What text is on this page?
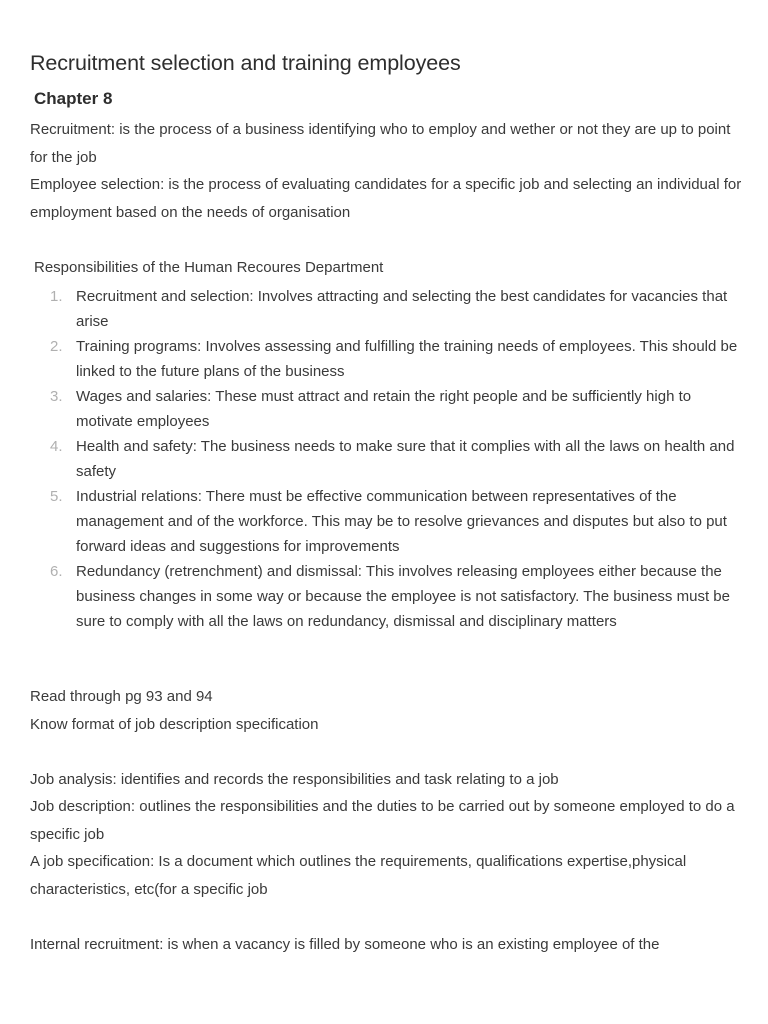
Recruitment selection and training employees
Chapter 8

Recruitment: is the process of a business identifying who to employ and wether or not they are up to point for the job

Employee selection: is the process of evaluating candidates for a specific job and selecting an individual for employment based on the needs of organisation

Responsibilities of the Human Recoures Department

1. Recruitment and selection: Involves attracting and selecting the best candidates for vacancies that arise
2. Training programs: Involves assessing and fulfilling the training needs of employees. This should be linked to the future plans of the business
3. Wages and salaries: These must attract and retain the right people and be sufficiently high to motivate employees
4. Health and safety: The business needs to make sure that it complies with all the laws on health and safety
5. Industrial relations: There must be effective communication between representatives of the management and of the workforce. This may be to resolve grievances and disputes but also to put forward ideas and suggestions for improvements
6. Redundancy (retrenchment) and dismissal: This involves releasing employees either because the business changes in some way or because the employee is not satisfactory. The business must be sure to comply with all the laws on redundancy, dismissal and disciplinary matters

Read through pg 93 and 94

Know format of job description specification

Job analysis: identifies and records the responsibilities and task relating to a job

Job description: outlines the responsibilities and the duties to be carried out by someone employed to do a specific job

A job specification: Is a document which outlines the requirements, qualifications expertise,physical characteristics, etc(for a specific job

Internal recruitment: is when a vacancy is filled by someone who is an existing employee of the
